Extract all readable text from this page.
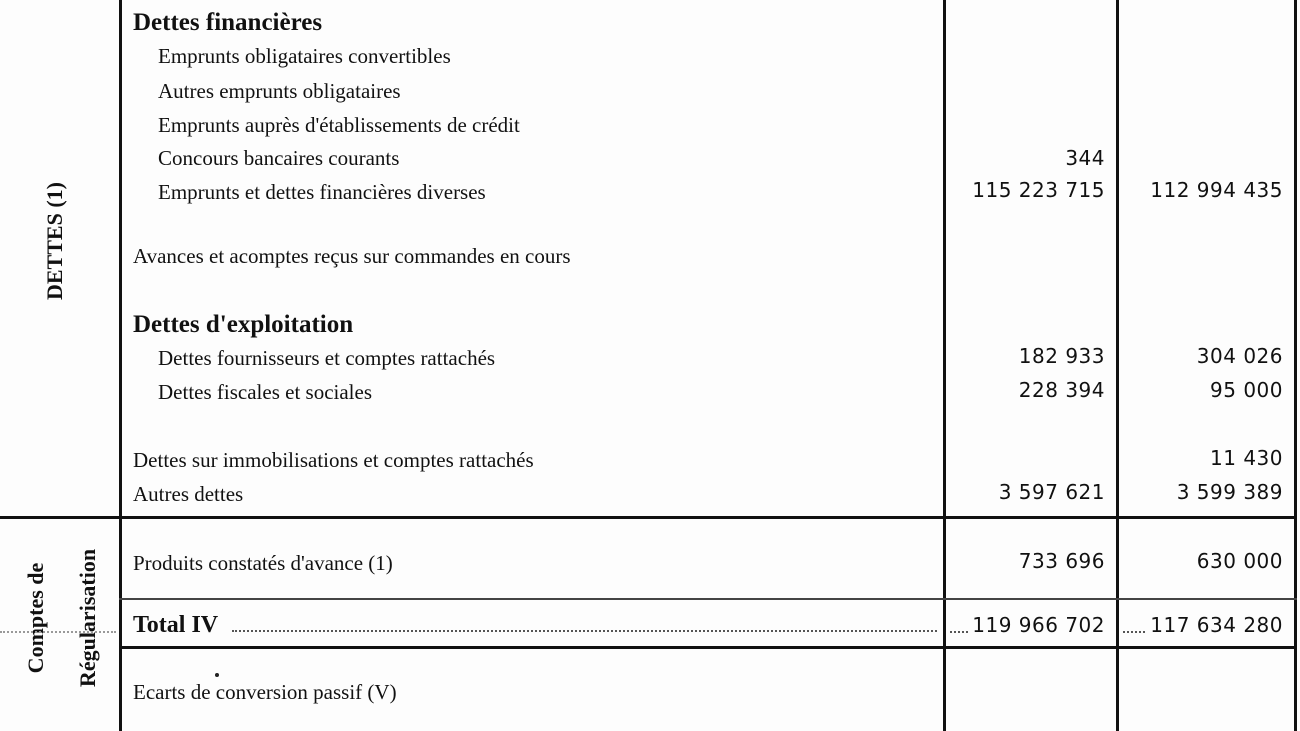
DETTES (1)
Comptes de Régularisation
Dettes financières
Dettes d'exploitation
Emprunts obligataires convertibles
Autres emprunts obligataires
Emprunts auprès d'établissements de crédit
Concours bancaires courants
Emprunts et dettes financières diverses
Avances et acomptes reçus sur commandes en cours
Dettes fournisseurs et comptes rattachés
Dettes fiscales et sociales
Dettes sur immobilisations et comptes rattachés
Autres dettes
Produits constatés d'avance (1)
Total IV
Ecarts de conversion passif (V)
344
115 223 715
182 933
228 394
3 597 621
733 696
119 966 702
112 994 435
304 026
95 000
11 430
3 599 389
630 000
117 634 280
